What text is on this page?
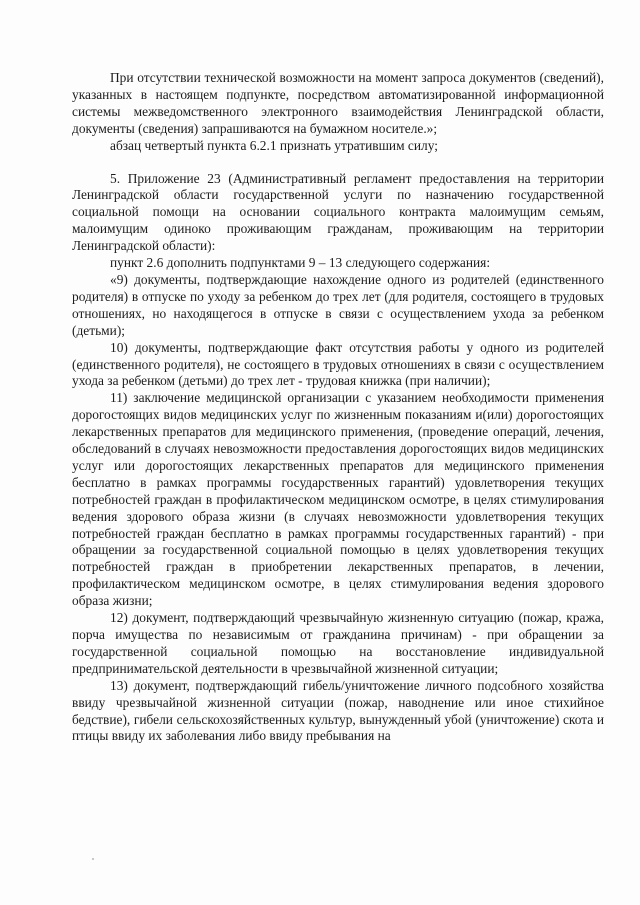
При отсутствии технической возможности на момент запроса документов (сведений), указанных в настоящем подпункте, посредством автоматизированной информационной системы межведомственного электронного взаимодействия Ленинградской области, документы (сведения) запрашиваются на бумажном носителе.»;

абзац четвертый пункта 6.2.1 признать утратившим силу;

5. Приложение 23 (Административный регламент предоставления на территории Ленинградской области государственной услуги по назначению государственной социальной помощи на основании социального контракта малоимущим семьям, малоимущим одиноко проживающим гражданам, проживающим на территории Ленинградской области):

пункт 2.6 дополнить подпунктами 9 – 13 следующего содержания:

«9) документы, подтверждающие нахождение одного из родителей (единственного родителя) в отпуске по уходу за ребенком до трех лет (для родителя, состоящего в трудовых отношениях, но находящегося в отпуске в связи с осуществлением ухода за ребенком (детьми);

10) документы, подтверждающие факт отсутствия работы у одного из родителей (единственного родителя), не состоящего в трудовых отношениях в связи с осуществлением ухода за ребенком (детьми) до трех лет - трудовая книжка (при наличии);

11) заключение медицинской организации с указанием необходимости применения дорогостоящих видов медицинских услуг по жизненным показаниям и(или) дорогостоящих лекарственных препаратов для медицинского применения, (проведение операций, лечения, обследований в случаях невозможности предоставления дорогостоящих видов медицинских услуг или дорогостоящих лекарственных препаратов для медицинского применения бесплатно в рамках программы государственных гарантий) удовлетворения текущих потребностей граждан в профилактическом медицинском осмотре, в целях стимулирования ведения здорового образа жизни (в случаях невозможности удовлетворения текущих потребностей граждан бесплатно в рамках программы государственных гарантий) - при обращении за государственной социальной помощью в целях удовлетворения текущих потребностей граждан в приобретении лекарственных препаратов, в лечении, профилактическом медицинском осмотре, в целях стимулирования ведения здорового образа жизни;

12) документ, подтверждающий чрезвычайную жизненную ситуацию (пожар, кража, порча имущества по независимым от гражданина причинам) - при обращении за государственной социальной помощью на восстановление индивидуальной предпринимательской деятельности в чрезвычайной жизненной ситуации;

13) документ, подтверждающий гибель/уничтожение личного подсобного хозяйства ввиду чрезвычайной жизненной ситуации (пожар, наводнение или иное стихийное бедствие), гибели сельскохозяйственных культур, вынужденный убой (уничтожение) скота и птицы ввиду их заболевания либо ввиду пребывания на
